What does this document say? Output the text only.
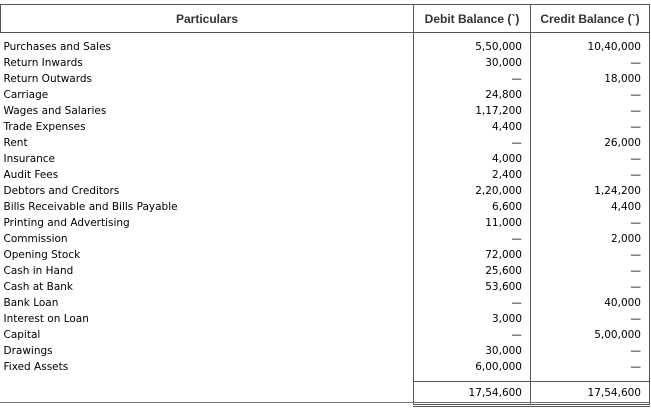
Particulars	Debit Balance (`)	Credit Balance (`)

Purchases and Sales	5,50,000	10,40,000
Return Inwards	30,000	—
Return Outwards	—	18,000
Carriage	24,800	—
Wages and Salaries	1,17,200	—
Trade Expenses	4,400	—
Rent	—	26,000
Insurance	4,000	—
Audit Fees	2,400	—
Debtors and Creditors	2,20,000	1,24,200
Bills Receivable and Bills Payable	6,600	4,400
Printing and Advertising	11,000	—
Commission	—	2,000
Opening Stock	72,000	—
Cash in Hand	25,600	—
Cash at Bank	53,600	—
Bank Loan	—	40,000
Interest on Loan	3,000	—
Capital	—	5,00,000
Drawings	30,000	—
Fixed Assets	6,00,000	—

	17,54,600	17,54,600
